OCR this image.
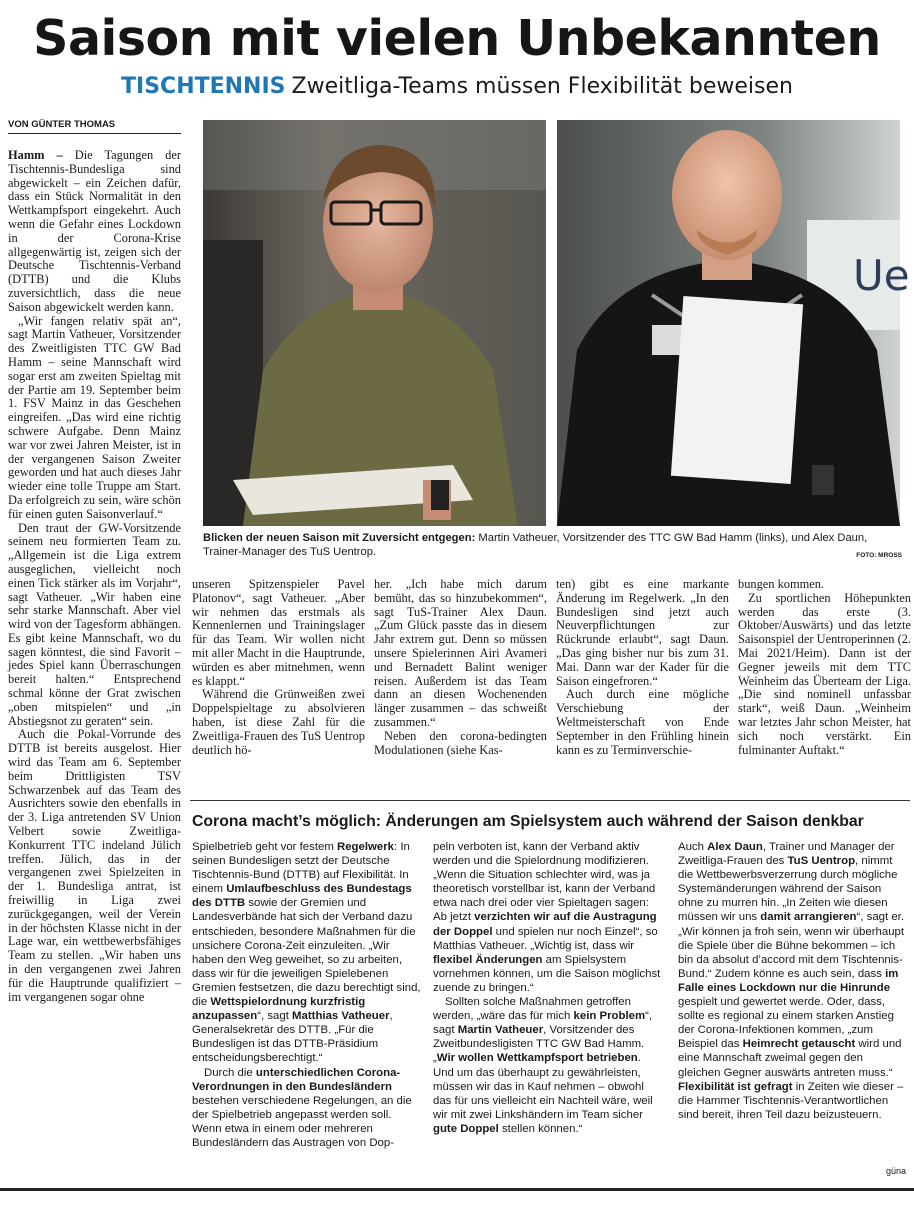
Saison mit vielen Unbekannten
TISCHTENNIS Zweitliga-Teams müssen Flexibilität beweisen
VON GÜNTER THOMAS

Hamm – Die Tagungen der Tischtennis-Bundesliga sind abgewickelt – ein Zeichen dafür, dass ein Stück Normalität in den Wettkampfsport eingekehrt. Auch wenn die Gefahr eines Lockdown in der Corona-Krise allgegenwärtig ist, zeigen sich der Deutsche Tischtennis-Verband (DTTB) und die Klubs zuversichtlich, dass die neue Saison abgewickelt werden kann.

„Wir fangen relativ spät an“, sagt Martin Vatheuer, Vorsitzender des Zweitligisten TTC GW Bad Hamm – seine Mannschaft wird sogar erst am zweiten Spieltag mit der Partie am 19. September beim 1. FSV Mainz in das Geschehen eingreifen. „Das wird eine richtig schwere Aufgabe. Denn Mainz war vor zwei Jahren Meister, ist in der vergangenen Saison Zweiter geworden und hat auch dieses Jahr wieder eine tolle Truppe am Start. Da erfolgreich zu sein, wäre schön für einen guten Saisonverlauf.“

Den traut der GW-Vorsitzende seinem neu formierten Team zu. „Allgemein ist die Liga extrem ausgeglichen, vielleicht noch einen Tick stärker als im Vorjahr“, sagt Vatheuer. „Wir haben eine sehr starke Mannschaft. Aber viel wird von der Tagesform abhängen. Es gibt keine Mannschaft, wo du sagen könntest, die sind Favorit – jedes Spiel kann Überraschungen bereit halten.“ Entsprechend schmal könne der Grat zwischen „oben mitspielen“ und „in Abstiegsnot zu geraten“ sein.

Auch die Pokal-Vorrunde des DTTB ist bereits ausgelost. Hier wird das Team am 6. September beim Drittligisten TSV Schwarzenbek auf das Team des Ausrichters sowie den ebenfalls in der 3. Liga antretenden SV Union Velbert sowie Zweitliga-Konkurrent TTC indeland Jülich treffen. Jülich, das in der vergangenen zwei Spielzeiten in der 1. Bundesliga antrat, ist freiwillig in Liga zwei zurückgegangen, weil der Verein in der höchsten Klasse nicht in der Lage war, ein wettbewerbsfähiges Team zu stellen. „Wir haben uns in den vergangenen zwei Jahren für die Hauptrunde qualifiziert – im vergangenen sogar ohne

Ue
Blicken der neuen Saison mit Zuversicht entgegen: Martin Vatheuer, Vorsitzender des TTC GW Bad Hamm (links), und Alex Daun, Trainer-Manager des TuS Uentrop.	FOTO: MROSS

unseren Spitzenspieler Pavel Platonov“, sagt Vatheuer. „Aber wir nehmen das erstmals als Kennenlernen und Trainingslager für das Team. Wir wollen nicht mit aller Macht in die Hauptrunde, würden es aber mitnehmen, wenn es klappt.“

Während die Grünweißen zwei Doppelspieltage zu absolvieren haben, ist diese Zahl für die Zweitliga-Frauen des TuS Uentrop deutlich hö-

her. „Ich habe mich darum bemüht, das so hinzubekommen“, sagt TuS-Trainer Alex Daun. „Zum Glück passte das in diesem Jahr extrem gut. Denn so müssen unsere Spielerinnen Airi Avameri und Bernadett Balint weniger reisen. Außerdem ist das Team dann an diesen Wochenenden länger zusammen – das schweißt zusammen.“

Neben den corona-bedingten Modulationen (siehe Kas-

ten) gibt es eine markante Änderung im Regelwerk. „In den Bundesligen sind jetzt auch Neuverpflichtungen zur Rückrunde erlaubt“, sagt Daun. „Das ging bisher nur bis zum 31. Mai. Dann war der Kader für die Saison eingefroren.“

Auch durch eine mögliche Verschiebung der Weltmeisterschaft von Ende September in den Frühling hinein kann es zu Terminverschie-

bungen kommen.

Zu sportlichen Höhepunkten werden das erste (3. Oktober/Auswärts) und das letzte Saisonspiel der Uentroperinnen (2. Mai 2021/Heim). Dann ist der Gegner jeweils mit dem TTC Weinheim das Überteam der Liga. „Die sind nominell unfassbar stark“, weiß Daun. „Weinheim war letztes Jahr schon Meister, hat sich noch verstärkt. Ein fulminanter Auftakt.“

Corona macht’s möglich: Änderungen am Spielsystem auch während der Saison denkbar

Spielbetrieb geht vor festem Regelwerk: In seinen Bundesligen setzt der Deutsche Tischtennis-Bund (DTTB) auf Flexibilität. In einem Umlaufbeschluss des Bundestags des DTTB sowie der Gremien und Landesverbände hat sich der Verband dazu entschieden, besondere Maßnahmen für die unsichere Corona-Zeit einzuleiten. „Wir haben den Weg geweihet, so zu arbeiten, dass wir für die jeweiligen Spielebenen Gremien festsetzen, die dazu berechtigt sind, die Wettspielordnung kurzfristig anzupassen“, sagt Matthias Vatheuer, Generalsekretär des DTTB. „Für die Bundesligen ist das DTTB-Präsidium entscheidungsberechtigt.“

Durch die unterschiedlichen Corona-Verordnungen in den Bundesländern bestehen verschiedene Regelungen, an die der Spielbetrieb angepasst werden soll. Wenn etwa in einem oder mehreren Bundesländern das Austragen von Dop-

peln verboten ist, kann der Verband aktiv werden und die Spielordnung modifizieren. „Wenn die Situation schlechter wird, was ja theoretisch vorstellbar ist, kann der Verband etwa nach drei oder vier Spieltagen sagen: Ab jetzt verzichten wir auf die Austragung der Doppel und spielen nur noch Einzel“, so Matthias Vatheuer. „Wichtig ist, dass wir flexibel Änderungen am Spielsystem vornehmen können, um die Saison möglichst zuende zu bringen.“

Sollten solche Maßnahmen getroffen werden, „wäre das für mich kein Problem“, sagt Martin Vatheuer, Vorsitzender des Zweitbundesligisten TTC GW Bad Hamm. „Wir wollen Wettkampfsport betrieben. Und um das überhaupt zu gewährleisten, müssen wir das in Kauf nehmen – obwohl das für uns vielleicht ein Nachteil wäre, weil wir mit zwei Linkshändern im Team sicher gute Doppel stellen können.“

Auch Alex Daun, Trainer und Manager der Zweitliga-Frauen des TuS Uentrop, nimmt die Wettbewerbsverzerrung durch mögliche Systemänderungen während der Saison ohne zu murren hin. „In Zeiten wie diesen müssen wir uns damit arrangieren“, sagt er. „Wir können ja froh sein, wenn wir überhaupt die Spiele über die Bühne bekommen – ich bin da absolut d’accord mit dem Tischtennis-Bund.“ Zudem könne es auch sein, dass im Falle eines Lockdown nur die Hinrunde gespielt und gewertet werde. Oder, dass, sollte es regional zu einem starken Anstieg der Corona-Infektionen kommen, „zum Beispiel das Heimrecht getauscht wird und eine Mannschaft zweimal gegen den gleichen Gegner auswärts antreten muss.“ Flexibilität ist gefragt in Zeiten wie dieser – die Hammer Tischtennis-Verantwortlichen sind bereit, ihren Teil dazu beizusteuern.

güna
